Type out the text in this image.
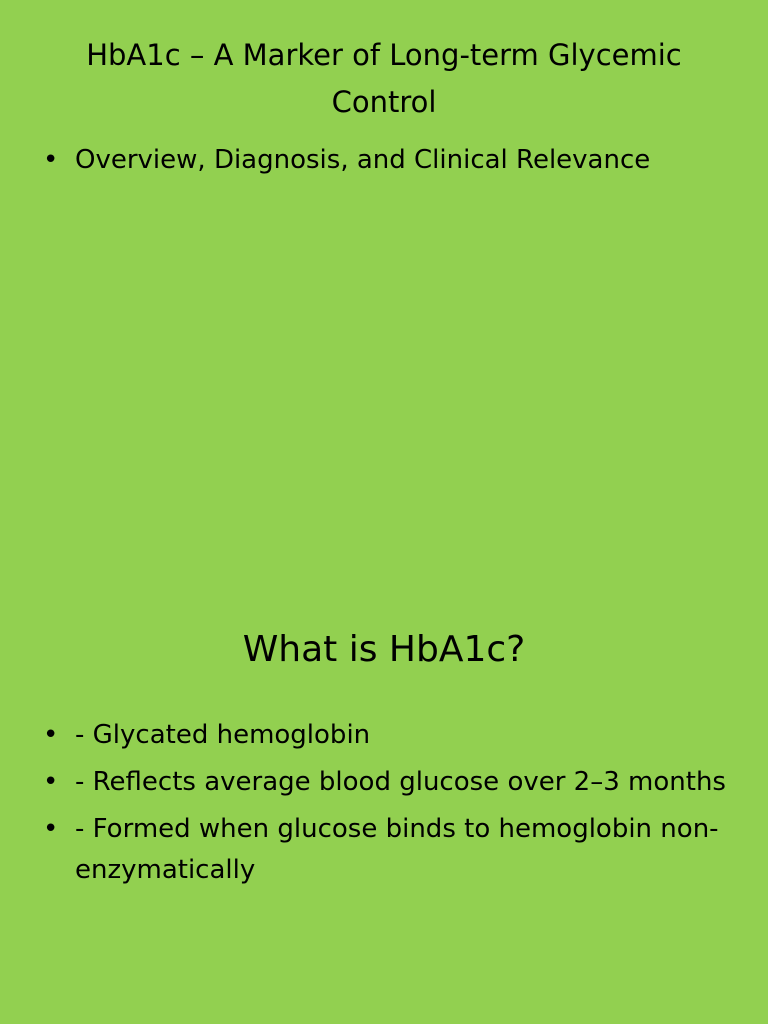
HbA1c – A Marker of Long-term Glycemic Control
• Overview, Diagnosis, and Clinical Relevance
What is HbA1c?
• - Glycated hemoglobin
• - Reflects average blood glucose over 2–3 months
• - Formed when glucose binds to hemoglobin non-enzymatically
